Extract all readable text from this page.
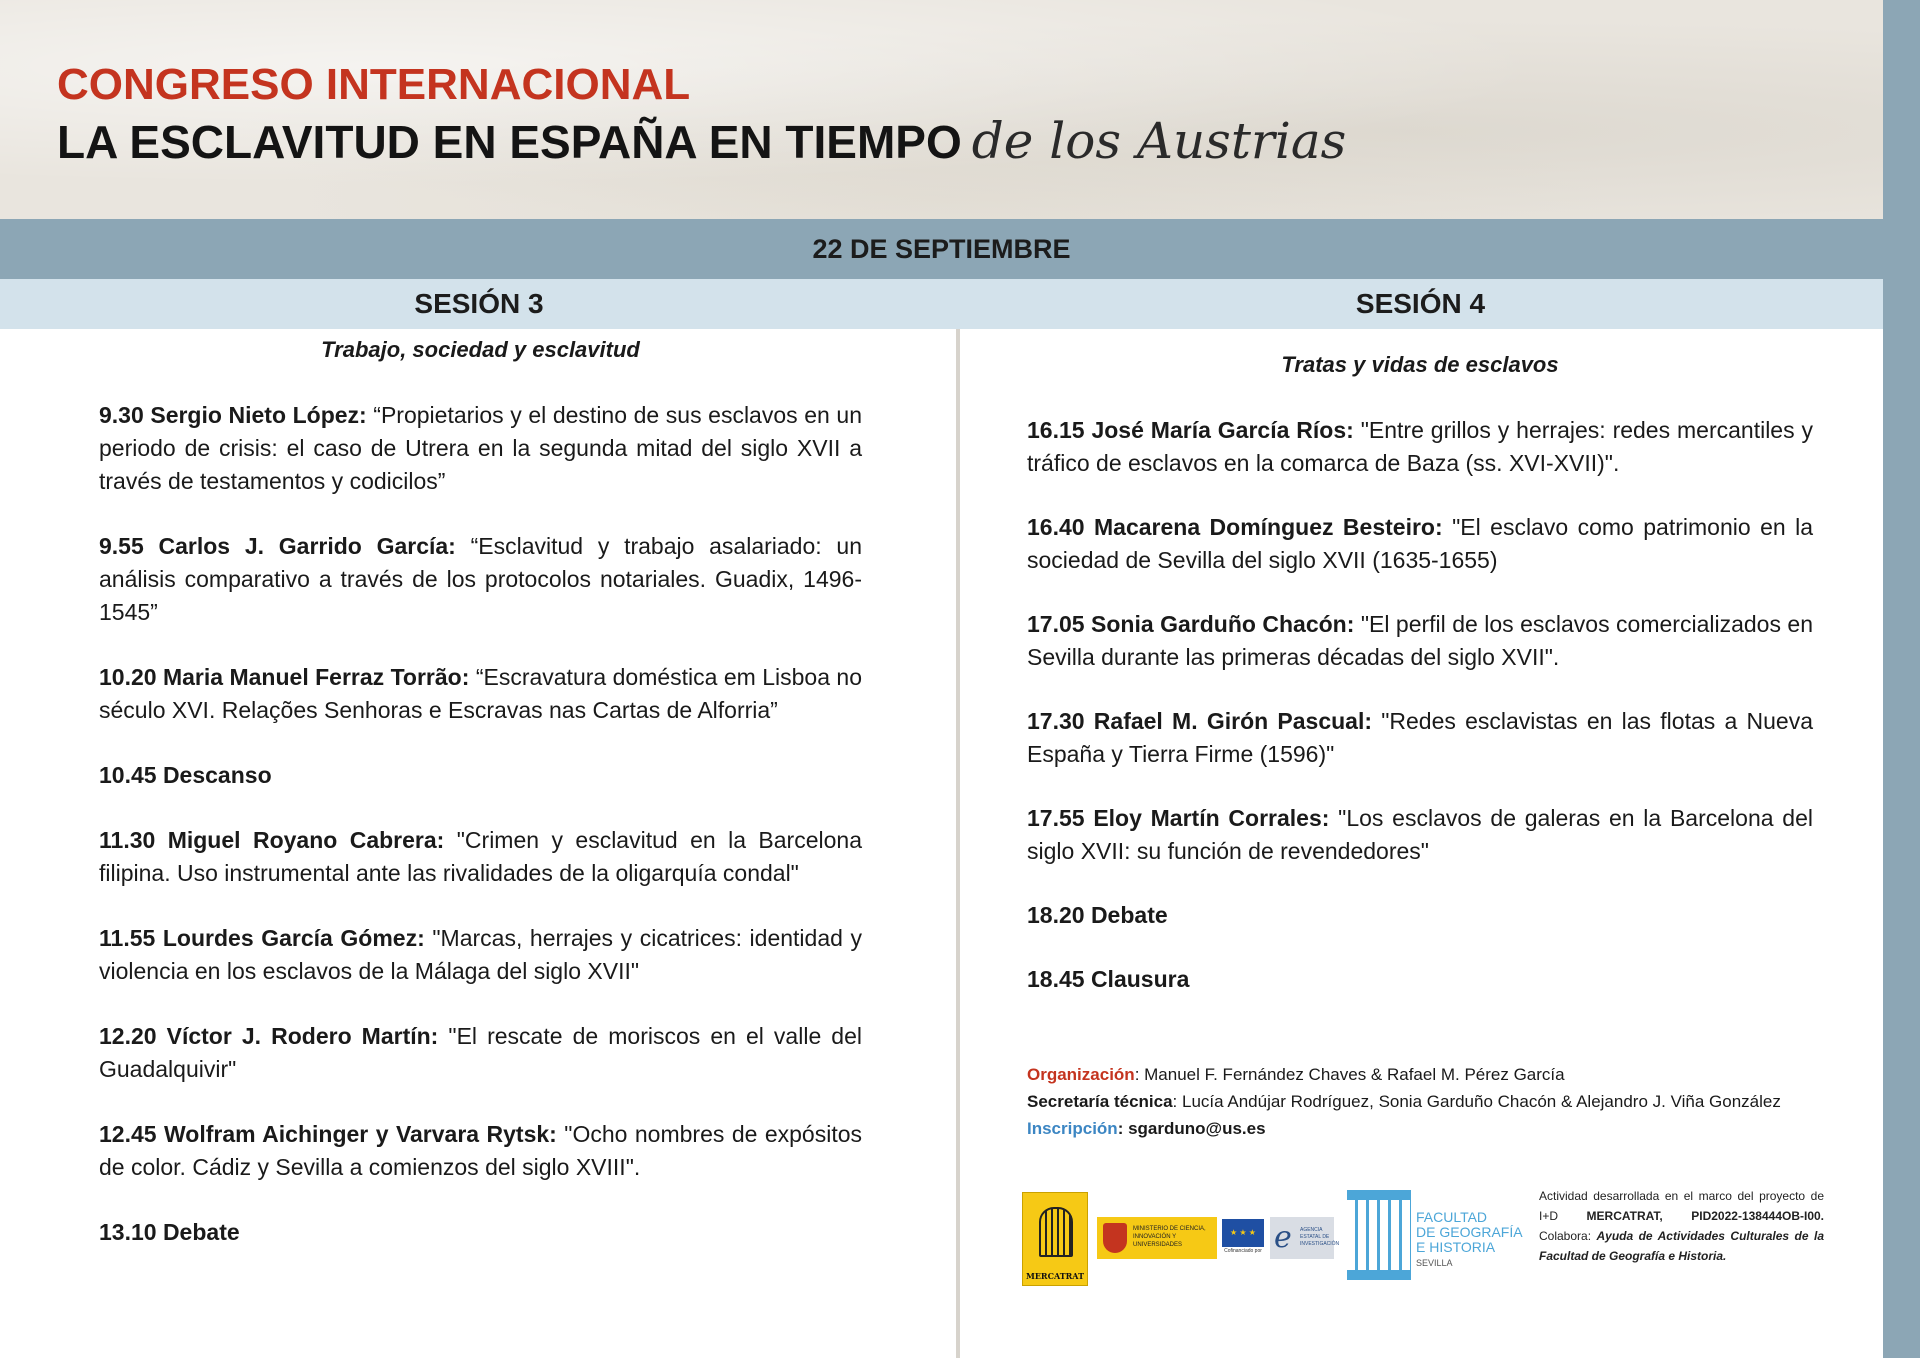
CONGRESO INTERNACIONAL
LA ESCLAVITUD EN ESPAÑA EN TIEMPO de los Austrias
22 DE SEPTIEMBRE
SESIÓN 3	SESIÓN 4
Trabajo, sociedad y esclavitud

9.30 Sergio Nieto López: “Propietarios y el destino de sus esclavos en un periodo de crisis: el caso de Utrera en la segunda mitad del siglo XVII a través de testamentos y codicilos”

9.55 Carlos J. Garrido García: “Esclavitud y trabajo asalariado: un análisis comparativo a través de los protocolos notariales. Guadix, 1496-1545”

10.20 Maria Manuel Ferraz Torrão: “Escravatura doméstica em Lisboa no século XVI. Relações Senhoras e Escravas nas Cartas de Alforria”

10.45 Descanso

11.30 Miguel Royano Cabrera: "Crimen y esclavitud en la Barcelona filipina. Uso instrumental ante las rivalidades de la oligarquía condal"

11.55 Lourdes García Gómez: "Marcas, herrajes y cicatrices: identidad y violencia en los esclavos de la Málaga del siglo XVII"

12.20 Víctor J. Rodero Martín: "El rescate de moriscos en el valle del Guadalquivir"

12.45 Wolfram Aichinger y Varvara Rytsk: "Ocho nombres de expósitos de color. Cádiz y Sevilla a comienzos del siglo XVIII".

13.10 Debate

Tratas y vidas de esclavos

16.15 José María García Ríos: "Entre grillos y herrajes: redes mercantiles y tráfico de esclavos en la comarca de Baza (ss. XVI-XVII)".

16.40 Macarena Domínguez Besteiro: "El esclavo como patrimonio en la sociedad de Sevilla del siglo XVII (1635-1655)

17.05 Sonia Garduño Chacón: "El perfil de los esclavos comercializados en Sevilla durante las primeras décadas del siglo XVII".

17.30 Rafael M. Girón Pascual: "Redes esclavistas en las flotas a Nueva España y Tierra Firme (1596)"

17.55 Eloy Martín Corrales: "Los esclavos de galeras en la Barcelona del siglo XVII: su función de revendedores"

18.20 Debate

18.45 Clausura

Organización: Manuel F. Fernández Chaves & Rafael M. Pérez García
Secretaría técnica: Lucía Andújar Rodríguez, Sonia Garduño Chacón & Alejandro J. Viña González
Inscripción: sgarduno@us.es
MERCATRAT
MINISTERIO DE CIENCIA, INNOVACIÓN Y UNIVERSIDADES
★ ★ ★
Cofinanciado por e	AGENCIA ESTATAL DE INVESTIGACIÓN
FACULTAD
DE GEOGRAFÍA
E HISTORIA
SEVILLA
Actividad desarrollada en el marco del proyecto de I+D MERCATRAT, PID2022-138444OB-I00. Colabora: Ayuda de Actividades Culturales de la Facultad de Geografía e Historia.
